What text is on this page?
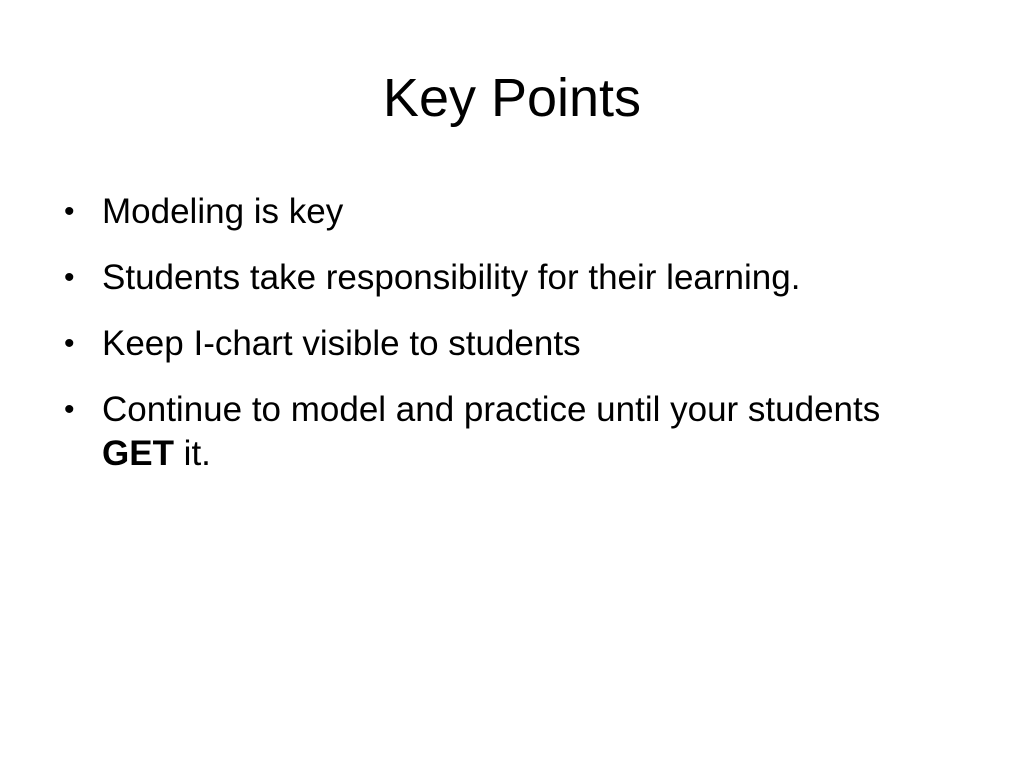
Key Points
• Modeling is key
• Students take responsibility for their learning.
• Keep I-chart visible to students
• Continue to model and practice until your students GET it.
